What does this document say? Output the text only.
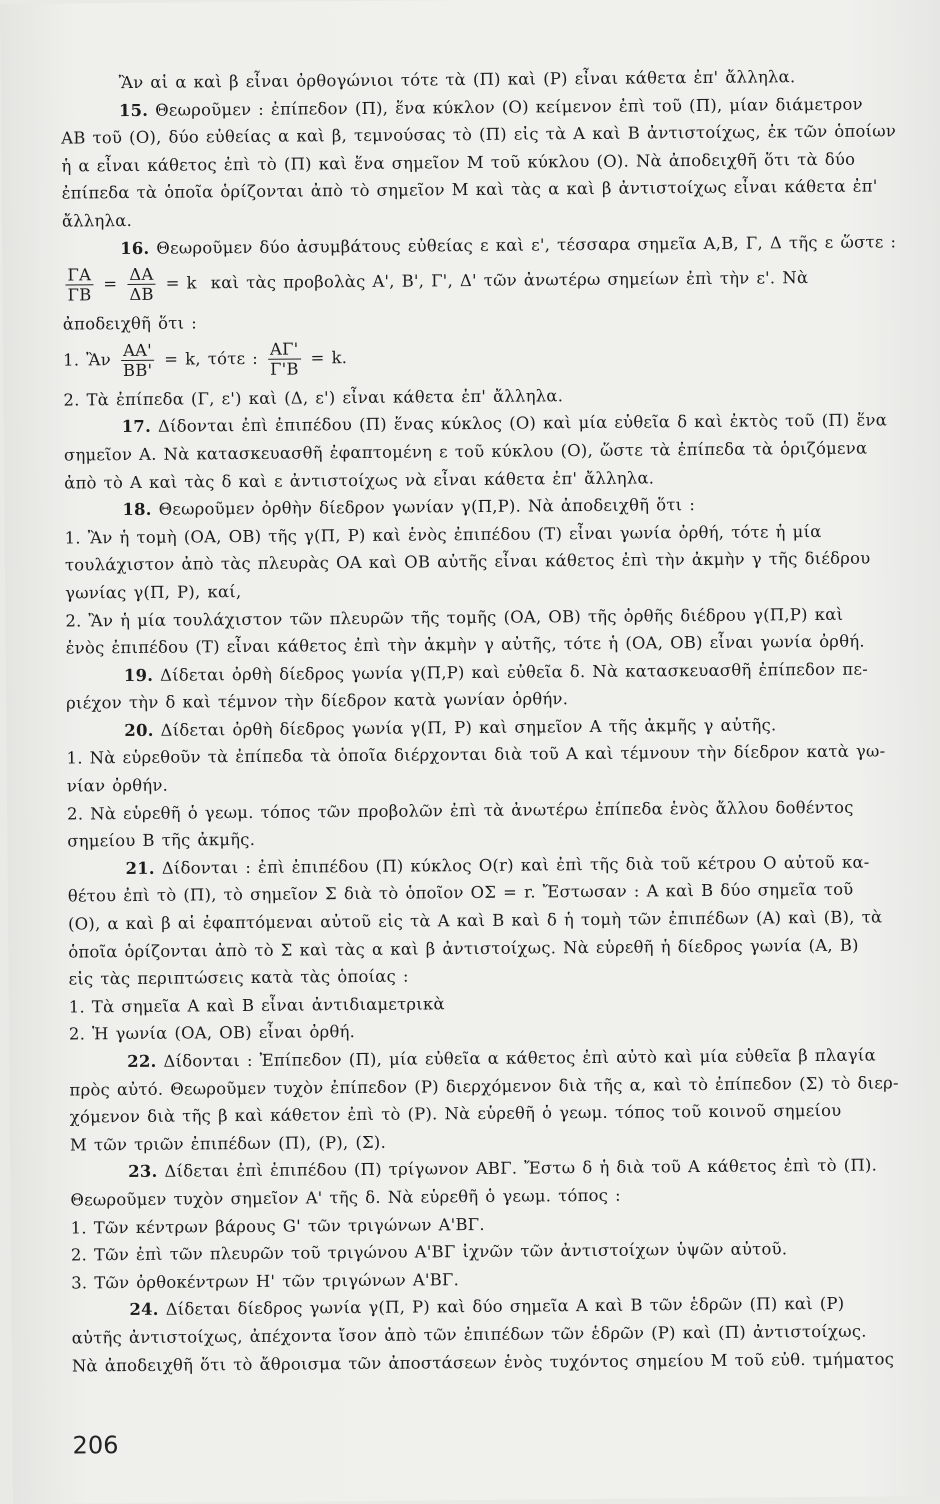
Ἂν αἱ α καὶ β εἶναι ὀρθογώνιοι τότε τὰ (Π) καὶ (Ρ) εἶναι κάθετα ἐπ' ἄλληλα.
15. Θεωροῦμεν : ἐπίπεδον (Π), ἕνα κύκλον (Ο) κείμενον ἐπὶ τοῦ (Π), μίαν διάμετρον
ΑΒ τοῦ (Ο), δύο εὐθείας α καὶ β, τεμνούσας τὸ (Π) εἰς τὰ Α καὶ Β ἀντιστοίχως, ἐκ τῶν ὁποίων
ἡ α εἶναι κάθετος ἐπὶ τὸ (Π) καὶ ἕνα σημεῖον Μ τοῦ κύκλου (Ο). Νὰ ἀποδειχθῆ ὅτι τὰ δύο
ἐπίπεδα τὰ ὁποῖα ὁρίζονται ἀπὸ τὸ σημεῖον Μ καὶ τὰς α καὶ β ἀντιστοίχως εἶναι κάθετα ἐπ'
ἄλληλα.
16. Θεωροῦμεν δύο ἀσυμβάτους εὐθείας ε καὶ ε', τέσσαρα σημεῖα Α,Β, Γ, Δ τῆς ε ὥστε :
$\frac{\Gamma A}{\Gamma B} = \frac{\Delta A}{\Delta B} = k$ καὶ τὰς προβολὰς Α', Β', Γ', Δ' τῶν ἀνωτέρω σημείων ἐπὶ τὴν ε'. Νὰ
ἀποδειχθῆ ὅτι :
1. Ἂν $\frac{AA'}{BB'} = k$, τότε : $\frac{A\Gamma'}{\Gamma'B} = k$.
2. Τὰ ἐπίπεδα (Γ, ε') καὶ (Δ, ε') εἶναι κάθετα ἐπ' ἄλληλα.
17. Δίδονται ἐπὶ ἐπιπέδου (Π) ἕνας κύκλος (Ο) καὶ μία εὐθεῖα δ καὶ ἐκτὸς τοῦ (Π) ἕνα
σημεῖον Α. Νὰ κατασκευασθῆ ἐφαπτομένη ε τοῦ κύκλου (Ο), ὥστε τὰ ἐπίπεδα τὰ ὁριζόμενα
ἀπὸ τὸ Α καὶ τὰς δ καὶ ε ἀντιστοίχως νὰ εἶναι κάθετα ἐπ' ἄλληλα.
18. Θεωροῦμεν ὀρθὴν δίεδρον γωνίαν γ(Π,Ρ). Νὰ ἀποδειχθῆ ὅτι :
1. Ἂν ἡ τομὴ (ΟΑ, ΟΒ) τῆς γ(Π, Ρ) καὶ ἑνὸς ἐπιπέδου (Τ) εἶναι γωνία ὀρθή, τότε ἡ μία
τουλάχιστον ἀπὸ τὰς πλευρὰς ΟΑ καὶ ΟΒ αὐτῆς εἶναι κάθετος ἐπὶ τὴν ἀκμὴν γ τῆς διέδρου
γωνίας γ(Π, Ρ), καί,
2. Ἂν ἡ μία τουλάχιστον τῶν πλευρῶν τῆς τομῆς (ΟΑ, ΟΒ) τῆς ὀρθῆς διέδρου γ(Π,Ρ) καὶ
ἑνὸς ἐπιπέδου (Τ) εἶναι κάθετος ἐπὶ τὴν ἀκμὴν γ αὐτῆς, τότε ἡ (ΟΑ, ΟΒ) εἶναι γωνία ὀρθή.
19. Δίδεται ὀρθὴ δίεδρος γωνία γ(Π,Ρ) καὶ εὐθεῖα δ. Νὰ κατασκευασθῆ ἐπίπεδον πε-
ριέχον τὴν δ καὶ τέμνον τὴν δίεδρον κατὰ γωνίαν ὀρθήν.
20. Δίδεται ὀρθὴ δίεδρος γωνία γ(Π, Ρ) καὶ σημεῖον Α τῆς ἀκμῆς γ αὐτῆς.
1. Νὰ εὑρεθοῦν τὰ ἐπίπεδα τὰ ὁποῖα διέρχονται διὰ τοῦ Α καὶ τέμνουν τὴν δίεδρον κατὰ γω-
νίαν ὀρθήν.
2. Νὰ εὑρεθῆ ὁ γεωμ. τόπος τῶν προβολῶν ἐπὶ τὰ ἀνωτέρω ἐπίπεδα ἑνὸς ἄλλου δοθέντος
σημείου Β τῆς ἀκμῆς.
21. Δίδονται : ἐπὶ ἐπιπέδου (Π) κύκλος Ο(r) καὶ ἐπὶ τῆς διὰ τοῦ κέτρου Ο αὐτοῦ κα-
θέτου ἐπὶ τὸ (Π), τὸ σημεῖον Σ διὰ τὸ ὁποῖον ΟΣ = r. Ἔστωσαν : Α καὶ Β δύο σημεῖα τοῦ
(Ο), α καὶ β αἱ ἐφαπτόμεναι αὐτοῦ εἰς τὰ Α καὶ Β καὶ δ ἡ τομὴ τῶν ἐπιπέδων (Α) καὶ (Β), τὰ
ὁποῖα ὁρίζονται ἀπὸ τὸ Σ καὶ τὰς α καὶ β ἀντιστοίχως. Νὰ εὑρεθῆ ἡ δίεδρος γωνία (Α, Β)
εἰς τὰς περιπτώσεις κατὰ τὰς ὁποίας :
1. Τὰ σημεῖα Α καὶ Β εἶναι ἀντιδιαμετρικὰ
2. Ἡ γωνία (ΟΑ, ΟΒ) εἶναι ὀρθή.
22. Δίδονται : Ἐπίπεδον (Π), μία εὐθεῖα α κάθετος ἐπὶ αὐτὸ καὶ μία εὐθεῖα β πλαγία
πρὸς αὐτό. Θεωροῦμεν τυχὸν ἐπίπεδον (Ρ) διερχόμενον διὰ τῆς α, καὶ τὸ ἐπίπεδον (Σ) τὸ διερ-
χόμενον διὰ τῆς β καὶ κάθετον ἐπὶ τὸ (Ρ). Νὰ εὑρεθῆ ὁ γεωμ. τόπος τοῦ κοινοῦ σημείου
Μ τῶν τριῶν ἐπιπέδων (Π), (Ρ), (Σ).
23. Δίδεται ἐπὶ ἐπιπέδου (Π) τρίγωνον ΑΒΓ. Ἔστω δ ἡ διὰ τοῦ Α κάθετος ἐπὶ τὸ (Π).
Θεωροῦμεν τυχὸν σημεῖον Α' τῆς δ. Νὰ εὑρεθῆ ὁ γεωμ. τόπος :
1. Τῶν κέντρων βάρους G' τῶν τριγώνων Α'ΒΓ.
2. Τῶν ἐπὶ τῶν πλευρῶν τοῦ τριγώνου Α'ΒΓ ἰχνῶν τῶν ἀντιστοίχων ὑψῶν αὐτοῦ.
3. Τῶν ὀρθοκέντρων Η' τῶν τριγώνων Α'ΒΓ.
24. Δίδεται δίεδρος γωνία γ(Π, Ρ) καὶ δύο σημεῖα Α καὶ Β τῶν ἑδρῶν (Π) καὶ (Ρ)
αὐτῆς ἀντιστοίχως, ἀπέχοντα ἴσον ἀπὸ τῶν ἐπιπέδων τῶν ἑδρῶν (Ρ) καὶ (Π) ἀντιστοίχως.
Νὰ ἀποδειχθῆ ὅτι τὸ ἄθροισμα τῶν ἀποστάσεων ἑνὸς τυχόντος σημείου Μ τοῦ εὐθ. τμήματος
206
